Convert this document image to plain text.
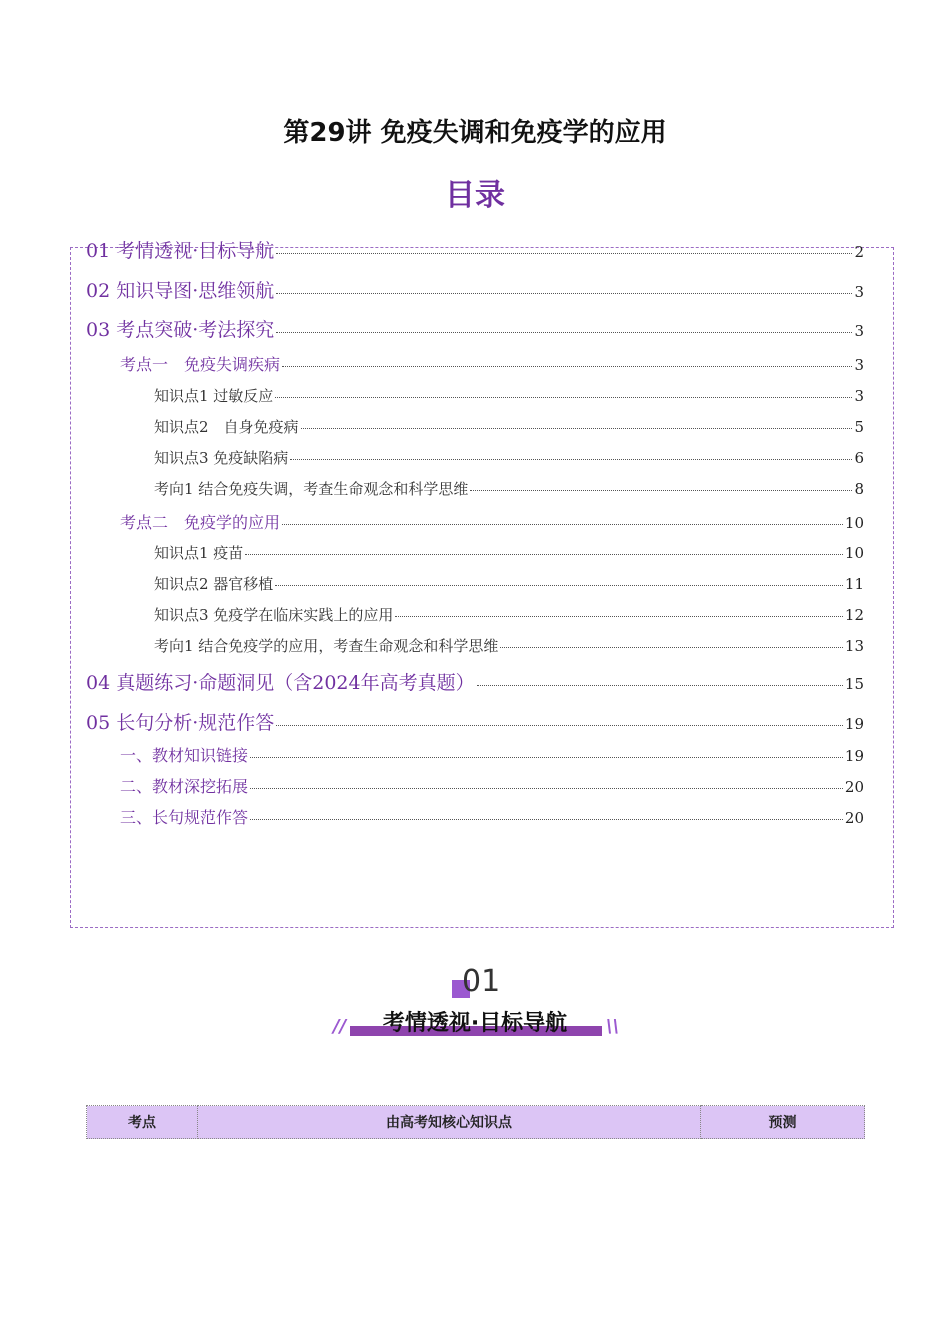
第29讲 免疫失调和免疫学的应用
目录
01 考情透视·目标导航	2
02 知识导图·思维领航	3
03 考点突破·考法探究	3
考点一　免疫失调疾病	3
知识点1 过敏反应	3
知识点2　自身免疫病	5
知识点3 免疫缺陷病	6
考向1 结合免疫失调，考查生命观念和科学思维	8
考点二　免疫学的应用	10
知识点1 疫苗	10
知识点2 器官移植	11
知识点3 免疫学在临床实践上的应用	12
考向1 结合免疫学的应用，考查生命观念和科学思维	13
04 真题练习·命题洞见（含2024年高考真题）	15
05 长句分析·规范作答	19
一、教材知识链接	19
二、教材深挖拓展	20
三、长句规范作答	20
01
//	考情透视·目标导航	\\
考点	由高考知核心知识点	预测
